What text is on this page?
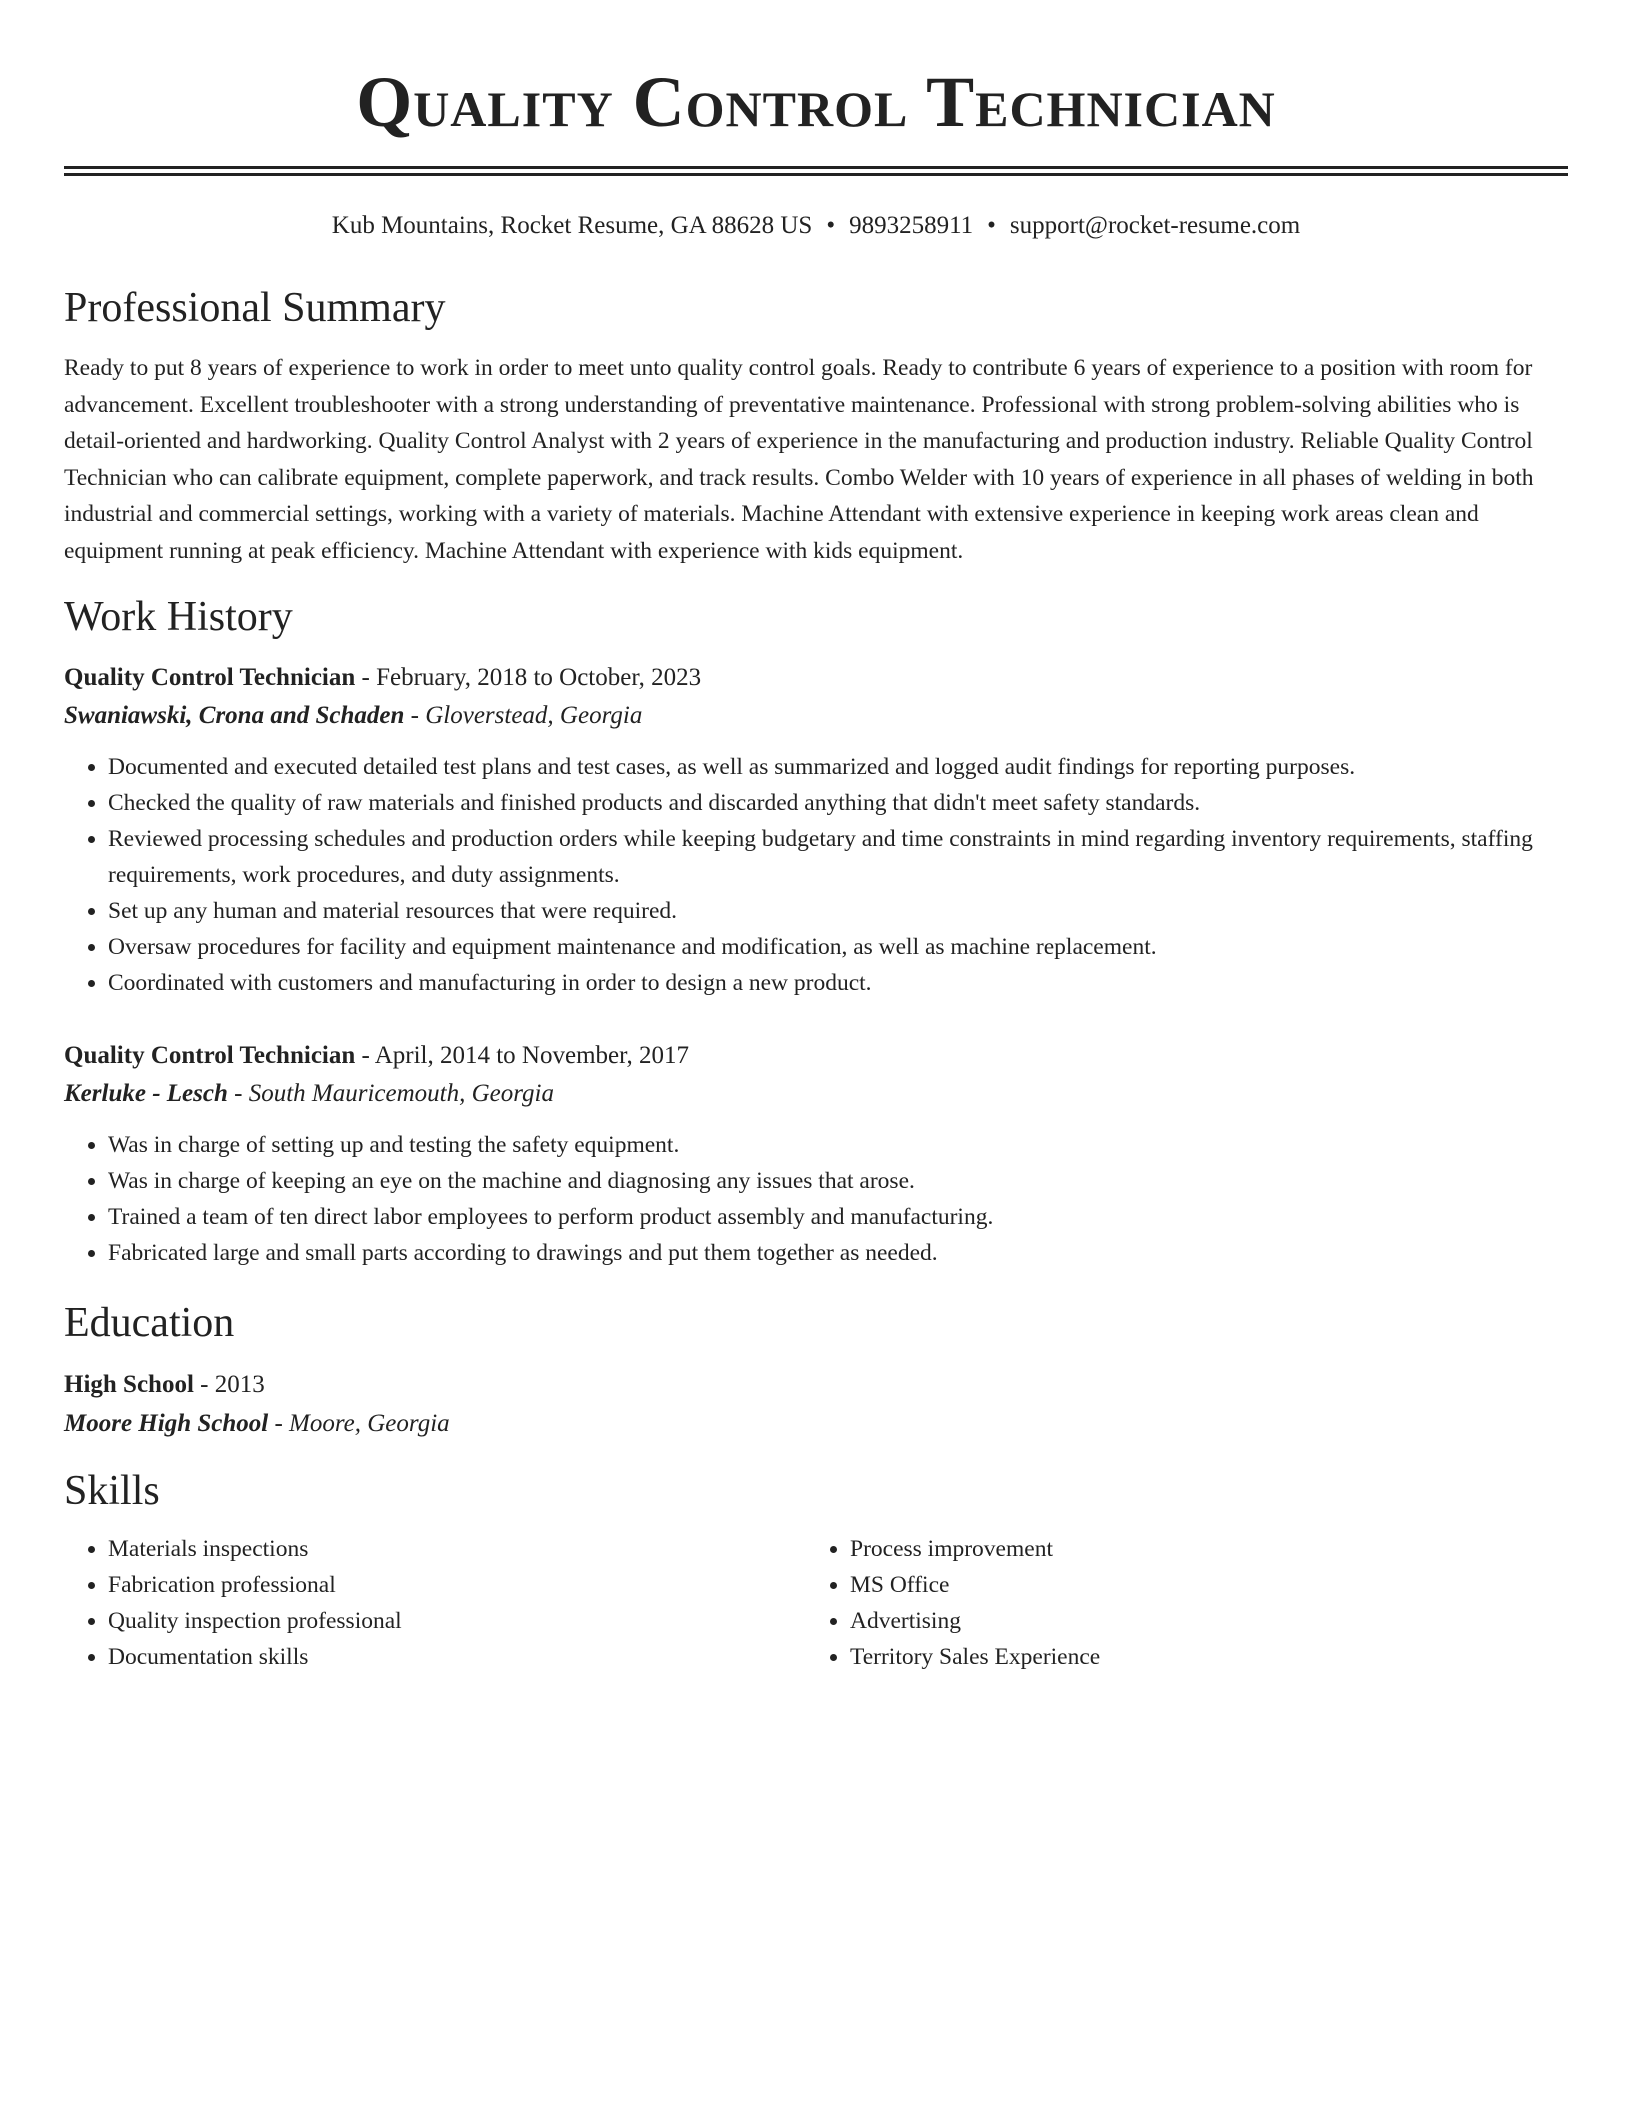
Quality Control Technician
Kub Mountains, Rocket Resume, GA 88628 US • 9893258911 • support@rocket-resume.com
Professional Summary

Ready to put 8 years of experience to work in order to meet unto quality control goals. Ready to contribute 6 years of experience to a position with room for advancement. Excellent troubleshooter with a strong understanding of preventative maintenance. Professional with strong problem-solving abilities who is detail-oriented and hardworking. Quality Control Analyst with 2 years of experience in the manufacturing and production industry. Reliable Quality Control Technician who can calibrate equipment, complete paperwork, and track results. Combo Welder with 10 years of experience in all phases of welding in both industrial and commercial settings, working with a variety of materials. Machine Attendant with extensive experience in keeping work areas clean and equipment running at peak efficiency. Machine Attendant with experience with kids equipment.

Work History
Quality Control Technician - February, 2018 to October, 2023
Swaniawski, Crona and Schaden - Gloverstead, Georgia
• Documented and executed detailed test plans and test cases, as well as summarized and logged audit findings for reporting purposes.
• Checked the quality of raw materials and finished products and discarded anything that didn't meet safety standards.
• Reviewed processing schedules and production orders while keeping budgetary and time constraints in mind regarding inventory requirements, staffing requirements, work procedures, and duty assignments.
• Set up any human and material resources that were required.
• Oversaw procedures for facility and equipment maintenance and modification, as well as machine replacement.
• Coordinated with customers and manufacturing in order to design a new product.
Quality Control Technician - April, 2014 to November, 2017
Kerluke - Lesch - South Mauricemouth, Georgia
• Was in charge of setting up and testing the safety equipment.
• Was in charge of keeping an eye on the machine and diagnosing any issues that arose.
• Trained a team of ten direct labor employees to perform product assembly and manufacturing.
• Fabricated large and small parts according to drawings and put them together as needed.
Education
High School - 2013
Moore High School - Moore, Georgia
Skills
• Materials inspections
• Fabrication professional
• Quality inspection professional
• Documentation skills
• Process improvement
• MS Office
• Advertising
• Territory Sales Experience
